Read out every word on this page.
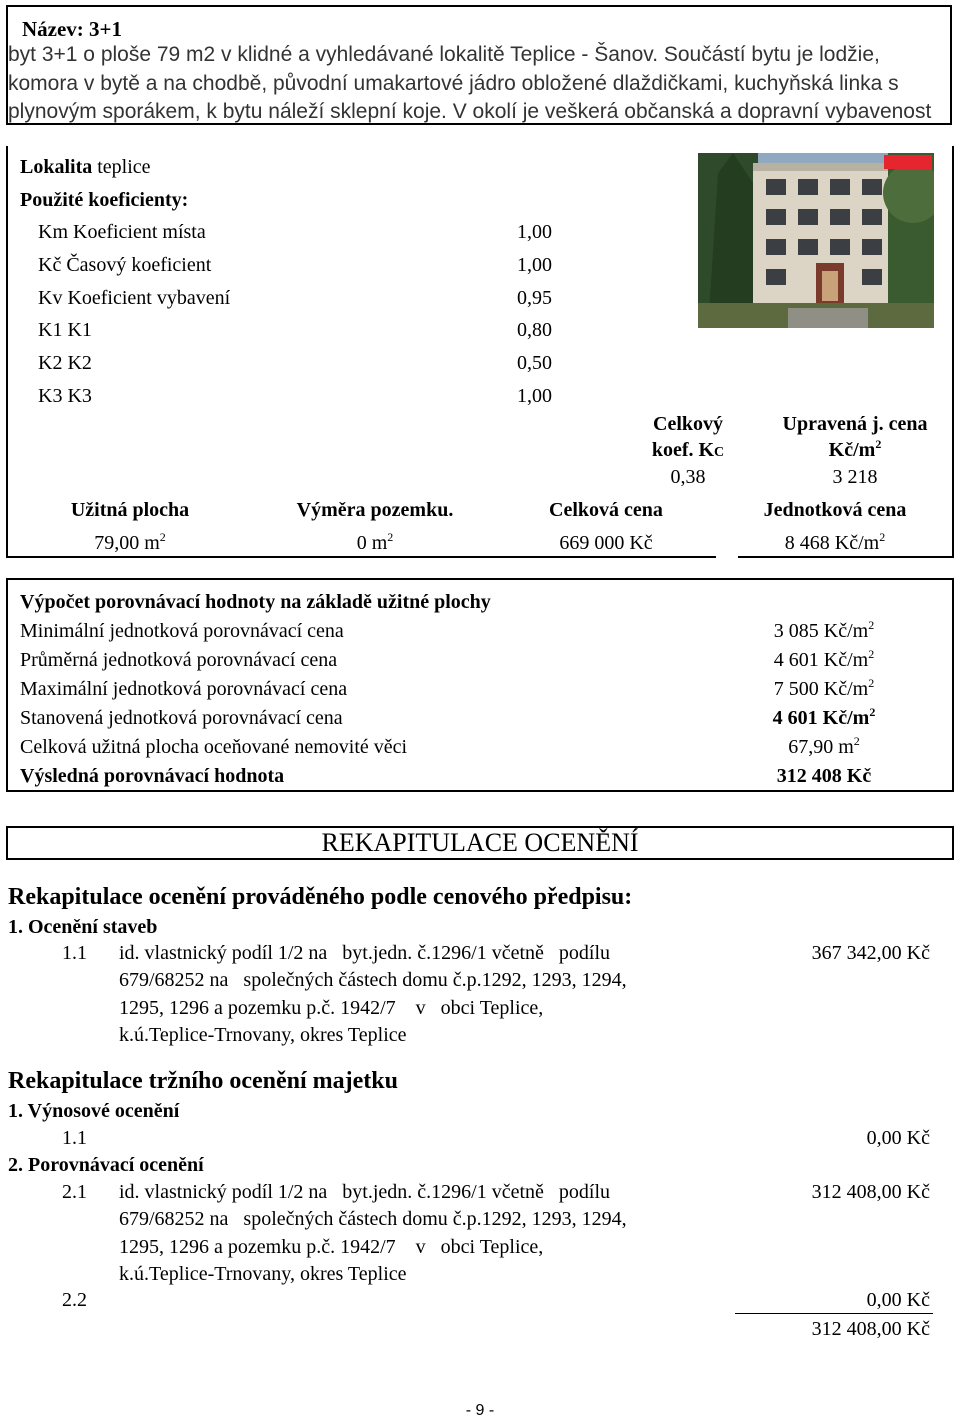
Název: 3+1
byt 3+1 o ploše 79 m2 v klidné a vyhledávané lokalitě Teplice - Šanov. Součástí bytu je lodžie, komora v bytě a na chodbě, původní umakartové jádro obložené dlaždičkami, kuchyňská linka s plynovým sporákem, k bytu náleží sklepní koje. V okolí je veškerá občanská a dopravní vybavenost
Lokalita teplice
Použité koeficienty:
Km Koeficient místa	1,00
Kč Časový koeficient	1,00
Kv Koeficient vybavení	0,95
K1 K1	0,80
K2 K2	0,50
K3 K3	1,00
Celkový
koef. KC
0,38
Upravená j. cena
$Kč/m^2$
3 218
Užitná plocha	Výměra pozemku.	Celková cena	Jednotková cena
79,00 $m^2$	0 $m^2$	669 000 Kč	8 468 $Kč/m^2$
Výpočet porovnávací hodnoty na základě užitné plochy
Minimální jednotková porovnávací cena	3 085 $Kč/m^2$
Průměrná jednotková porovnávací cena	4 601 $Kč/m^2$
Maximální jednotková porovnávací cena	7 500 $Kč/m^2$
Stanovená jednotková porovnávací cena	4 601 $Kč/m^2$
Celková užitná plocha oceňované nemovité věci	67,90 $m^2$
Výsledná porovnávací hodnota	312 408 Kč
REKAPITULACE OCENĚNÍ
Rekapitulace ocenění prováděného podle cenového předpisu:
1. Ocenění staveb
1.1 id. vlastnický podíl 1/2 na   byt.jedn. č.1296/1 včetně   podílu
679/68252 na   společných částech domu č.p.1292, 1293, 1294,
1295, 1296 a pozemku p.č. 1942/7    v   obci Teplice,
k.ú.Teplice-Trnovany, okres Teplice
367 342,00 Kč
Rekapitulace tržního ocenění majetku
1. Výnosové ocenění
1.1	0,00 Kč
2. Porovnávací ocenění
2.1 id. vlastnický podíl 1/2 na   byt.jedn. č.1296/1 včetně   podílu
679/68252 na   společných částech domu č.p.1292, 1293, 1294,
1295, 1296 a pozemku p.č. 1942/7    v   obci Teplice,
k.ú.Teplice-Trnovany, okres Teplice
312 408,00 Kč
2.2	0,00 Kč
312 408,00 Kč
- 9 -
